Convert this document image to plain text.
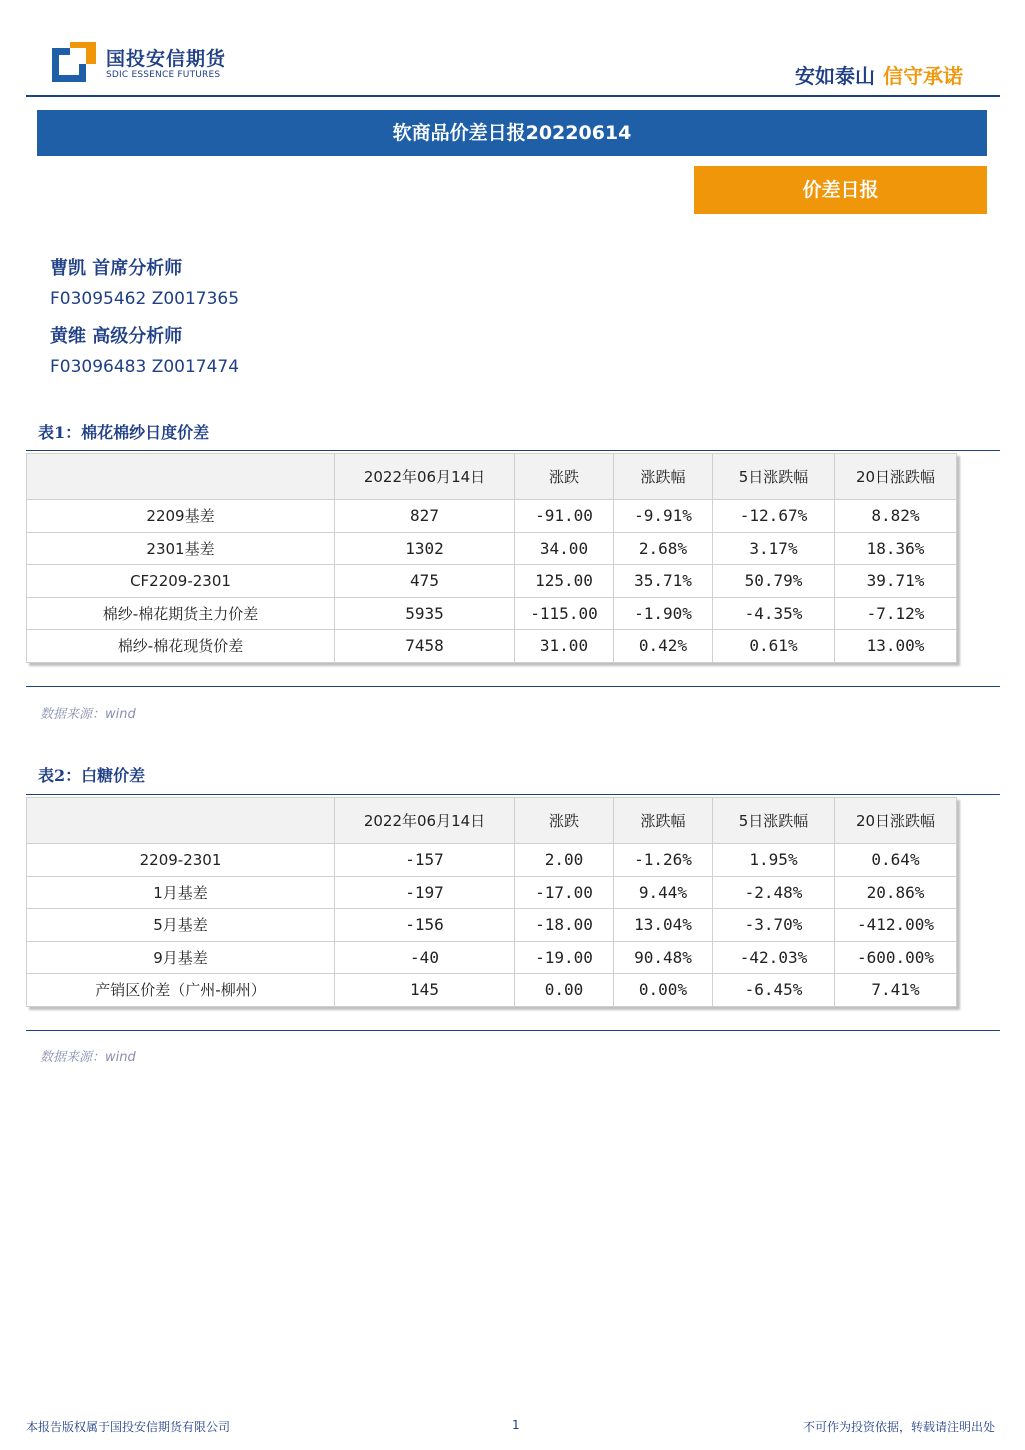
国投安信期货
SDIC ESSENCE FUTURES	安如泰山 信守承诺
软商品价差日报20220614
价差日报
曹凯 首席分析师
F03095462 Z0017365
黄维 高级分析师
F03096483 Z0017474
表1：棉花棉纱日度价差
	2022年06月14日	涨跌	涨跌幅	5日涨跌幅	20日涨跌幅
2209基差	827	-91.00	-9.91%	-12.67%	8.82%
2301基差	1302	34.00	2.68%	3.17%	18.36%
CF2209-2301	475	125.00	35.71%	50.79%	39.71%
棉纱-棉花期货主力价差	5935	-115.00	-1.90%	-4.35%	-7.12%
棉纱-棉花现货价差	7458	31.00	0.42%	0.61%	13.00%
数据来源：wind
表2：白糖价差
	2022年06月14日	涨跌	涨跌幅	5日涨跌幅	20日涨跌幅
2209-2301	-157	2.00	-1.26%	1.95%	0.64%
1月基差	-197	-17.00	9.44%	-2.48%	20.86%
5月基差	-156	-18.00	13.04%	-3.70%	-412.00%
9月基差	-40	-19.00	90.48%	-42.03%	-600.00%
产销区价差（广州-柳州）	145	0.00	0.00%	-6.45%	7.41%
数据来源：wind
本报告版权属于国投安信期货有限公司	1	不可作为投资依据，转载请注明出处
